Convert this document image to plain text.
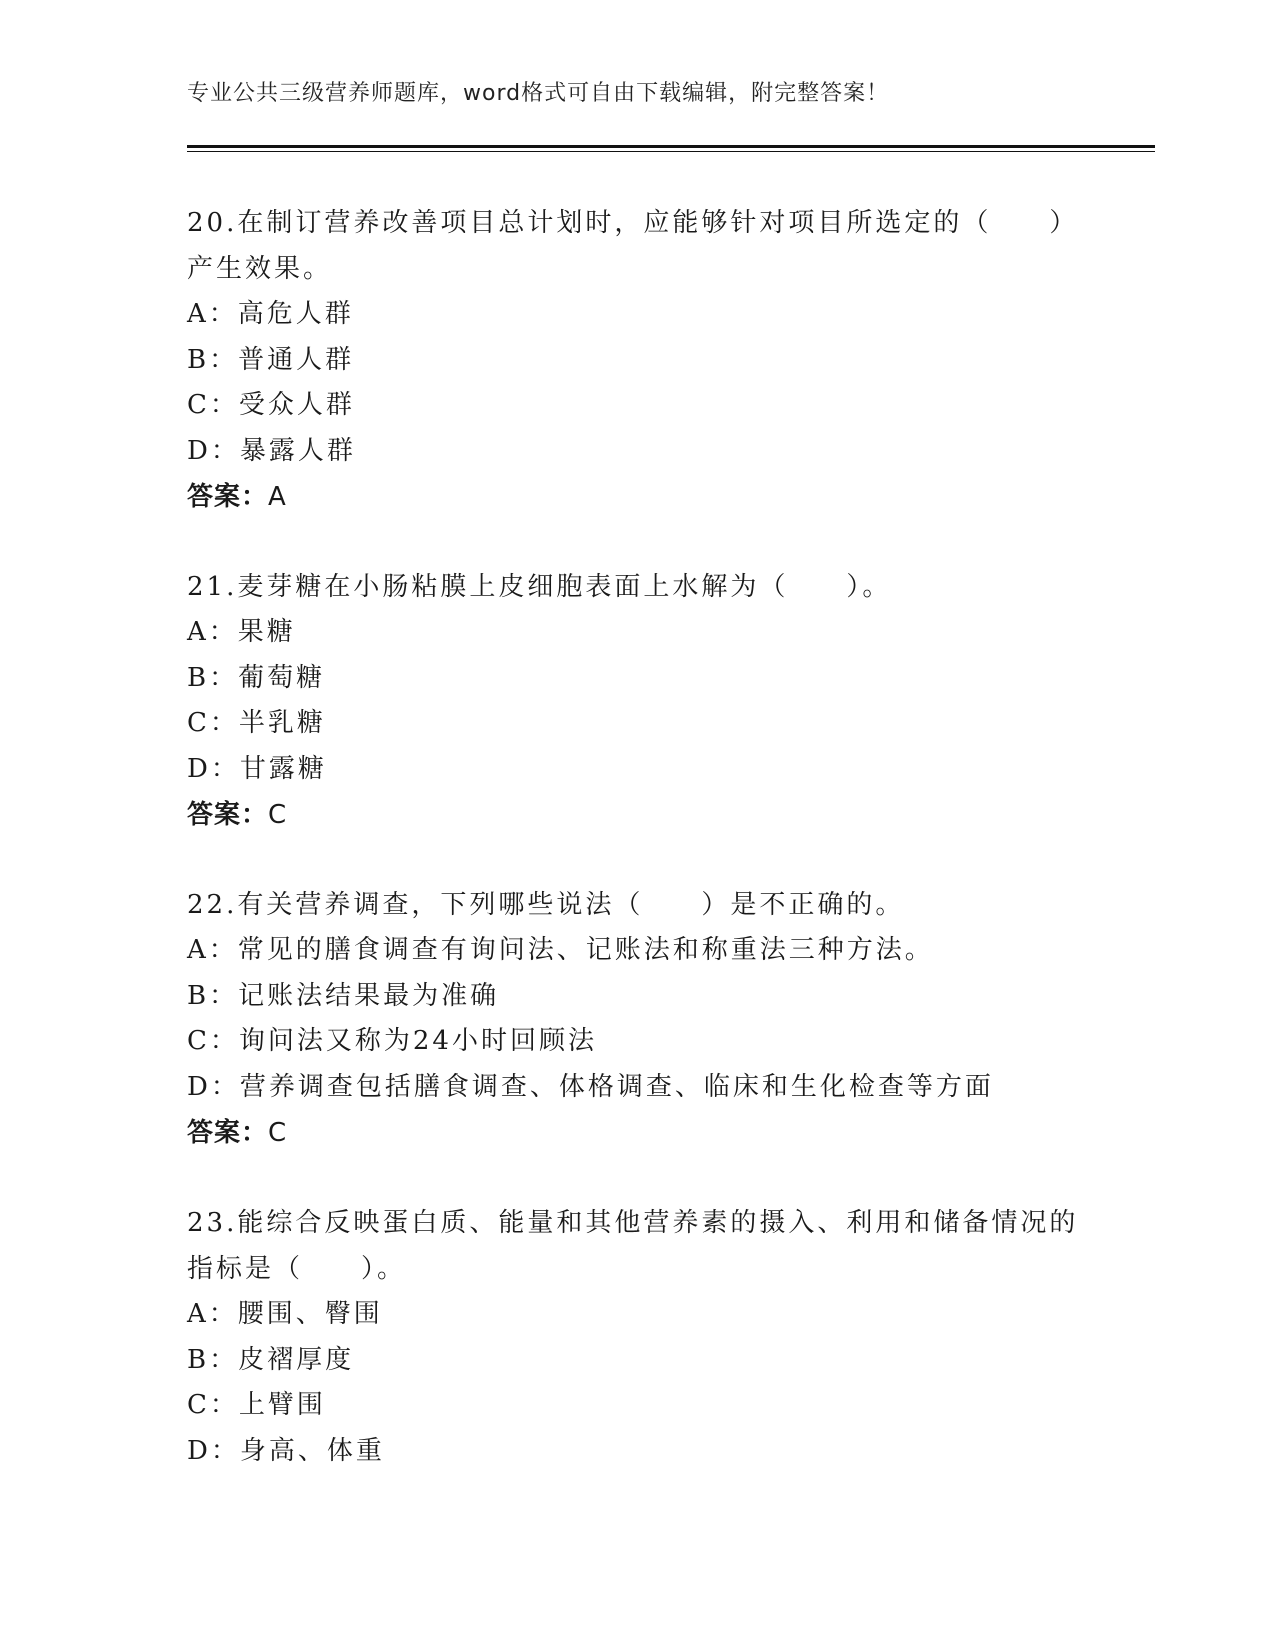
专业公共三级营养师题库，word格式可自由下载编辑，附完整答案！
20.在制订营养改善项目总计划时，应能够针对项目所选定的（　　）产生效果。
A：高危人群
B：普通人群
C：受众人群
D：暴露人群
答案：A
21.麦芽糖在小肠粘膜上皮细胞表面上水解为（　　）。
A：果糖
B：葡萄糖
C：半乳糖
D：甘露糖
答案：C
22.有关营养调查，下列哪些说法（　　）是不正确的。
A：常见的膳食调查有询问法、记账法和称重法三种方法。
B：记账法结果最为准确
C：询问法又称为24小时回顾法
D：营养调查包括膳食调查、体格调查、临床和生化检查等方面
答案：C
23.能综合反映蛋白质、能量和其他营养素的摄入、利用和储备情况的指标是（　　）。
A：腰围、臀围
B：皮褶厚度
C：上臂围
D：身高、体重
